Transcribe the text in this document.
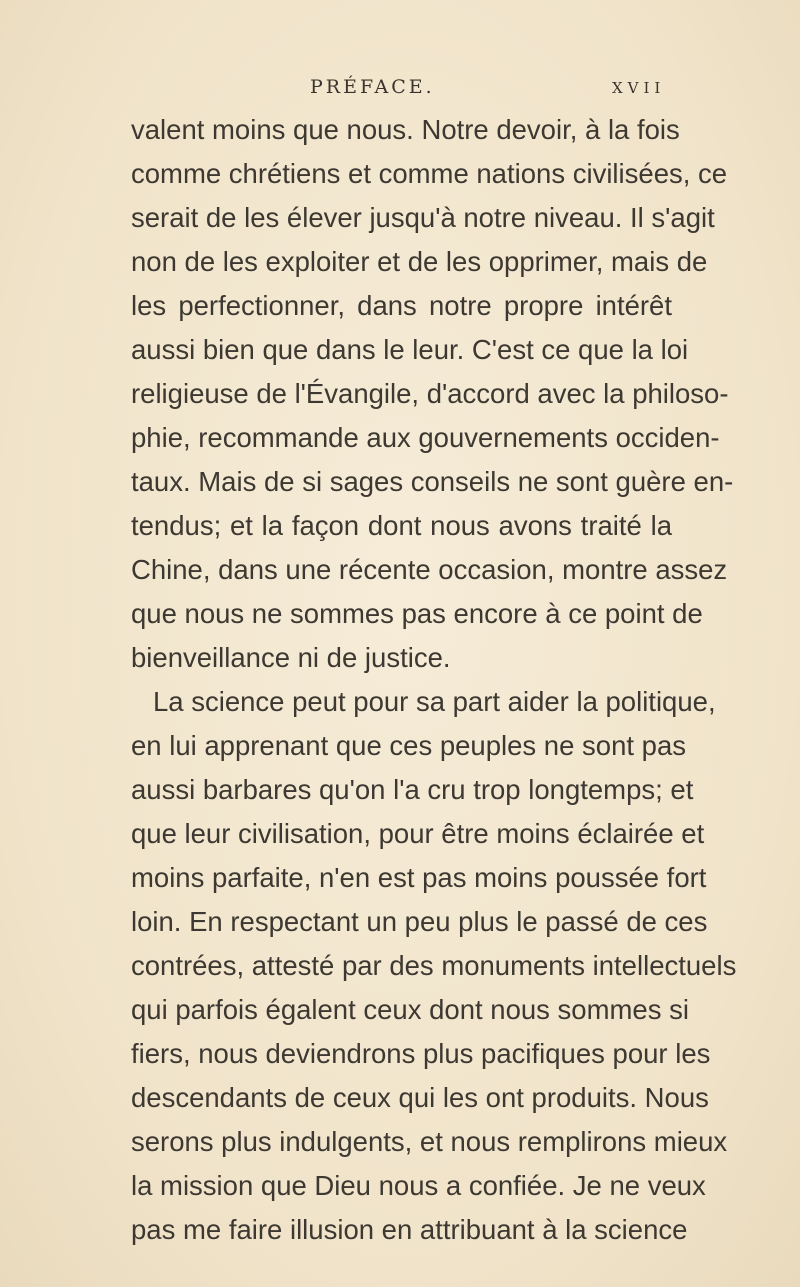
PRÉFACE.	XVII
valent moins que nous. Notre devoir, à la fois
comme chrétiens et comme nations civilisées, ce
serait de les élever jusqu'à notre niveau. Il s'agit
non de les exploiter et de les opprimer, mais de
les perfectionner, dans notre propre intérêt
aussi bien que dans le leur. C'est ce que la loi
religieuse de l'Évangile, d'accord avec la philoso-
phie, recommande aux gouvernements occiden-
taux. Mais de si sages conseils ne sont guère en-
tendus; et la façon dont nous avons traité la
Chine, dans une récente occasion, montre assez
que nous ne sommes pas encore à ce point de
bienveillance ni de justice.
La science peut pour sa part aider la politique,
en lui apprenant que ces peuples ne sont pas
aussi barbares qu'on l'a cru trop longtemps; et
que leur civilisation, pour être moins éclairée et
moins parfaite, n'en est pas moins poussée fort
loin. En respectant un peu plus le passé de ces
contrées, attesté par des monuments intellectuels
qui parfois égalent ceux dont nous sommes si
fiers, nous deviendrons plus pacifiques pour les
descendants de ceux qui les ont produits. Nous
serons plus indulgents, et nous remplirons mieux
la mission que Dieu nous a confiée. Je ne veux
pas me faire illusion en attribuant à la science
